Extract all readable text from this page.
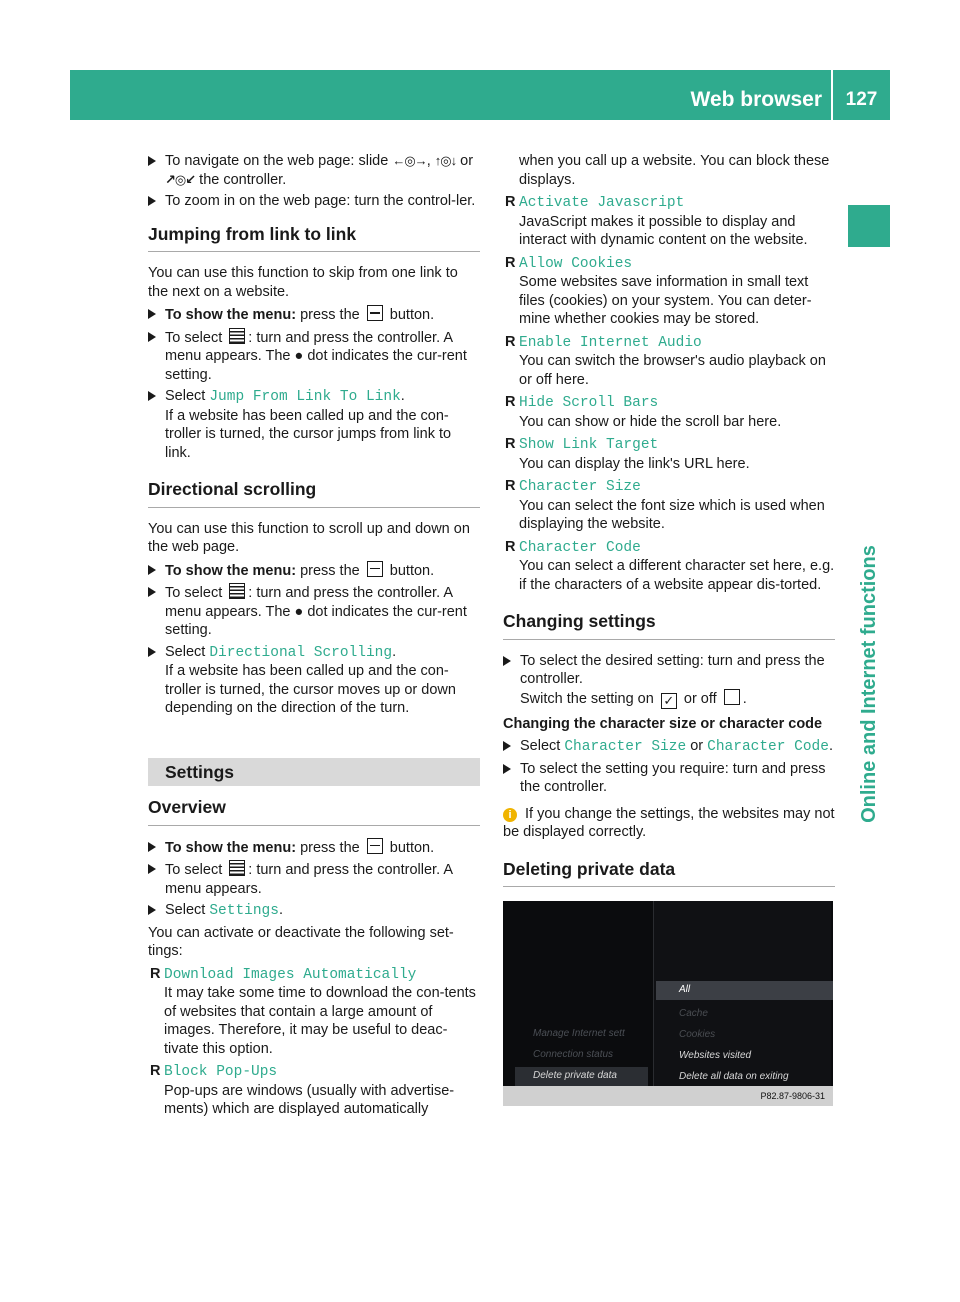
Web browser	127
Online and Internet functions
To navigate on the web page: slide ←◎→, ↑◎↓ or ↗◎↙ the controller.
To zoom in on the web page: turn the control-ler.
Jumping from link to link

You can use this function to skip from one link to the next on a website.

To show the menu: press the button.
To select : turn and press the controller. A menu appears. The ● dot indicates the cur-rent setting.
Select Jump From Link To Link.
If a website has been called up and the con-troller is turned, the cursor jumps from link to link.
Directional scrolling

You can use this function to scroll up and down on the web page.

To show the menu: press the button.
To select : turn and press the controller. A menu appears. The ● dot indicates the cur-rent setting.
Select Directional Scrolling.
If a website has been called up and the con-troller is turned, the cursor moves up or down depending on the direction of the turn.
Settings
Overview
To show the menu: press the button.
To select : turn and press the controller. A menu appears.
Select Settings.

You can activate or deactivate the following set-tings:

R Download Images Automatically
It may take some time to download the con-tents of websites that contain a large amount of images. Therefore, it may be useful to deac-tivate this option.
R Block Pop-Ups
Pop-ups are windows (usually with advertise-ments) which are displayed automatically

when you call up a website. You can block these displays.

R Activate Javascript
JavaScript makes it possible to display and interact with dynamic content on the website.
R Allow Cookies
Some websites save information in small text files (cookies) on your system. You can deter-mine whether cookies may be stored.
R Enable Internet Audio
You can switch the browser's audio playback on or off here.
R Hide Scroll Bars
You can show or hide the scroll bar here.
R Show Link Target
You can display the link's URL here.
R Character Size
You can select the font size which is used when displaying the website.
R Character Code
You can select a different character set here, e.g. if the characters of a website appear dis-torted.
Changing settings
To select the desired setting: turn and press the controller.
Switch the setting on ✓ or off .
Changing the character size or character code
Select Character Size or Character Code.
To select the setting you require: turn and press the controller.

i If you change the settings, the websites may not be displayed correctly.

Deleting private data
Manage Internet sett
Connection status
Delete private data
All
Cache
Cookies
Websites visited
Delete all data on exiting
P82.87-9806-31
